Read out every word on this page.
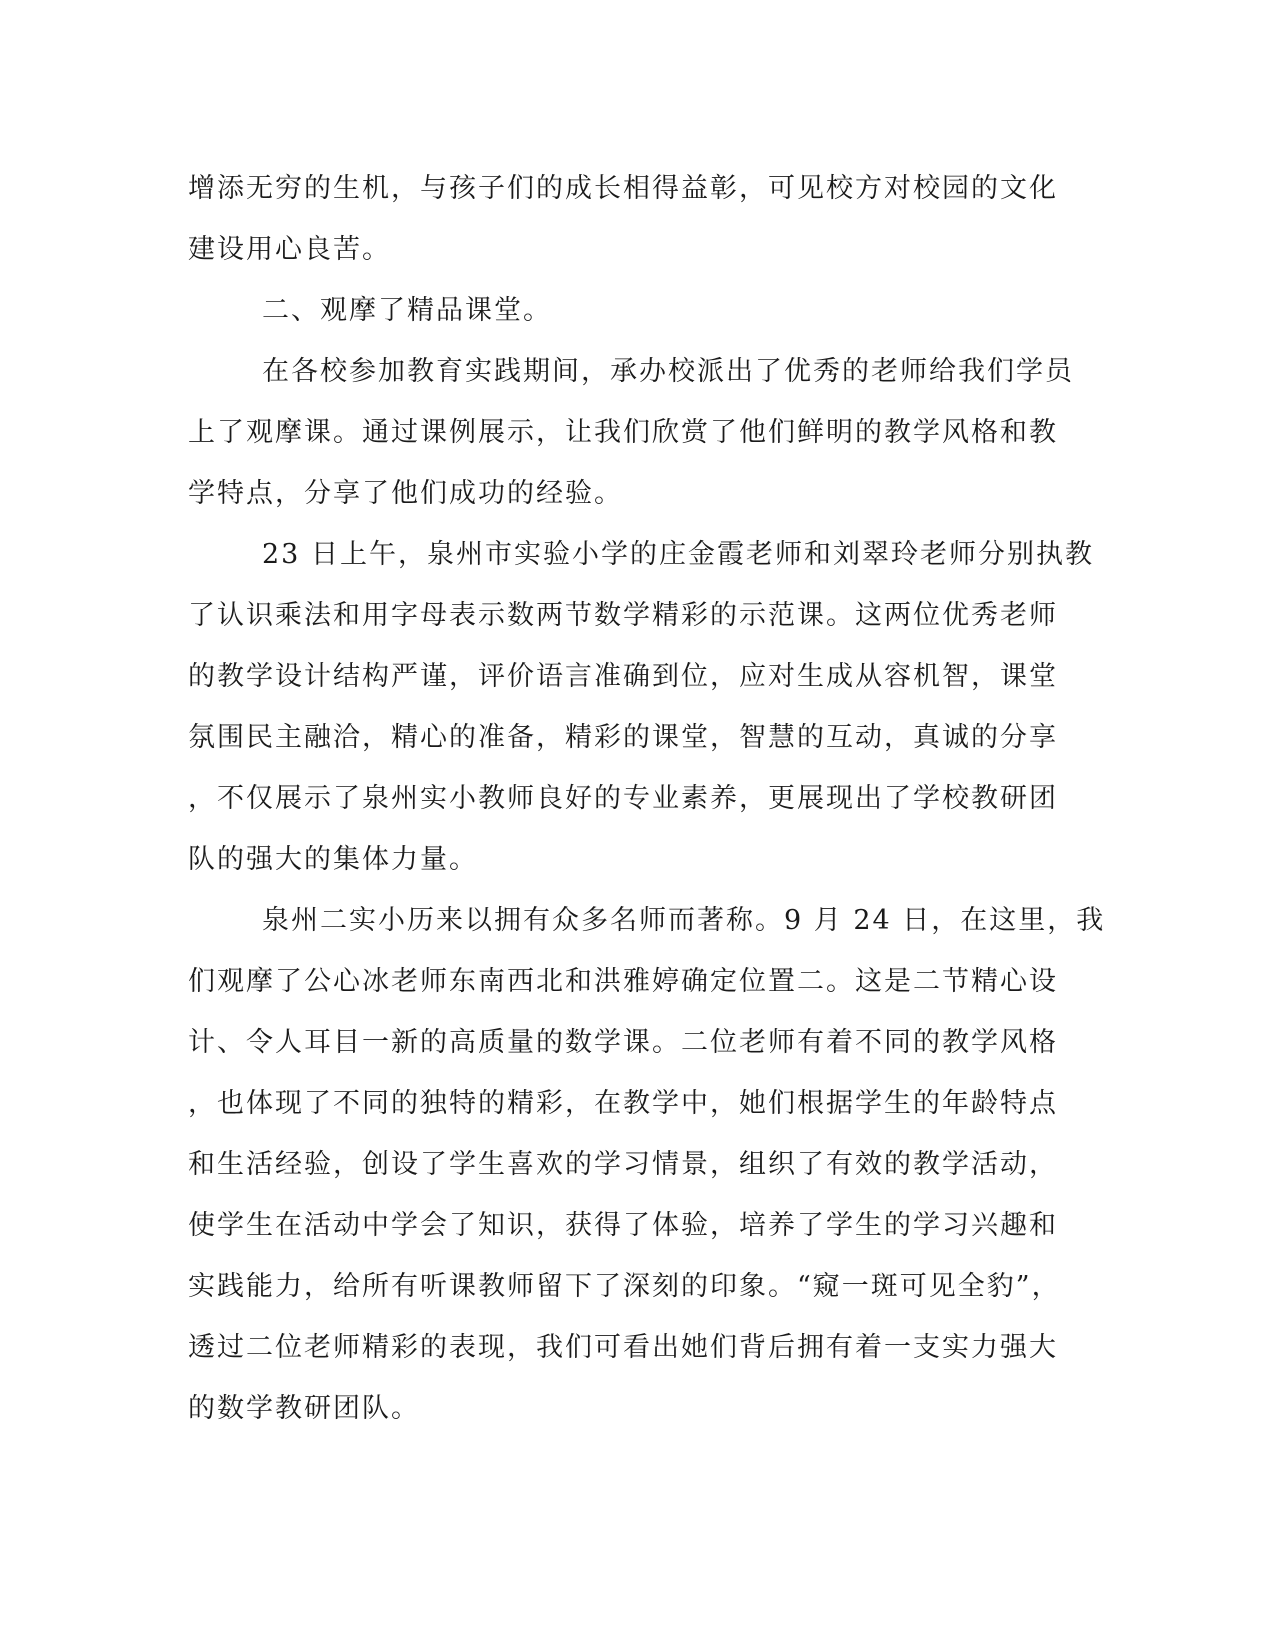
增添无穷的生机，与孩子们的成长相得益彰，可见校方对校园的文化
建设用心良苦。
二、观摩了精品课堂。
在各校参加教育实践期间，承办校派出了优秀的老师给我们学员
上了观摩课。通过课例展示，让我们欣赏了他们鲜明的教学风格和教
学特点，分享了他们成功的经验。
23 日上午，泉州市实验小学的庄金霞老师和刘翠玲老师分别执教
了认识乘法和用字母表示数两节数学精彩的示范课。这两位优秀老师
的教学设计结构严谨，评价语言准确到位，应对生成从容机智，课堂
氛围民主融洽，精心的准备，精彩的课堂，智慧的互动，真诚的分享
，不仅展示了泉州实小教师良好的专业素养，更展现出了学校教研团
队的强大的集体力量。
泉州二实小历来以拥有众多名师而著称。9 月 24 日，在这里，我
们观摩了公心冰老师东南西北和洪雅婷确定位置二。这是二节精心设
计、令人耳目一新的高质量的数学课。二位老师有着不同的教学风格
，也体现了不同的独特的精彩，在教学中，她们根据学生的年龄特点
和生活经验，创设了学生喜欢的学习情景，组织了有效的教学活动，
使学生在活动中学会了知识，获得了体验，培养了学生的学习兴趣和
实践能力，给所有听课教师留下了深刻的印象。“窥一斑可见全豹”，
透过二位老师精彩的表现，我们可看出她们背后拥有着一支实力强大
的数学教研团队。
